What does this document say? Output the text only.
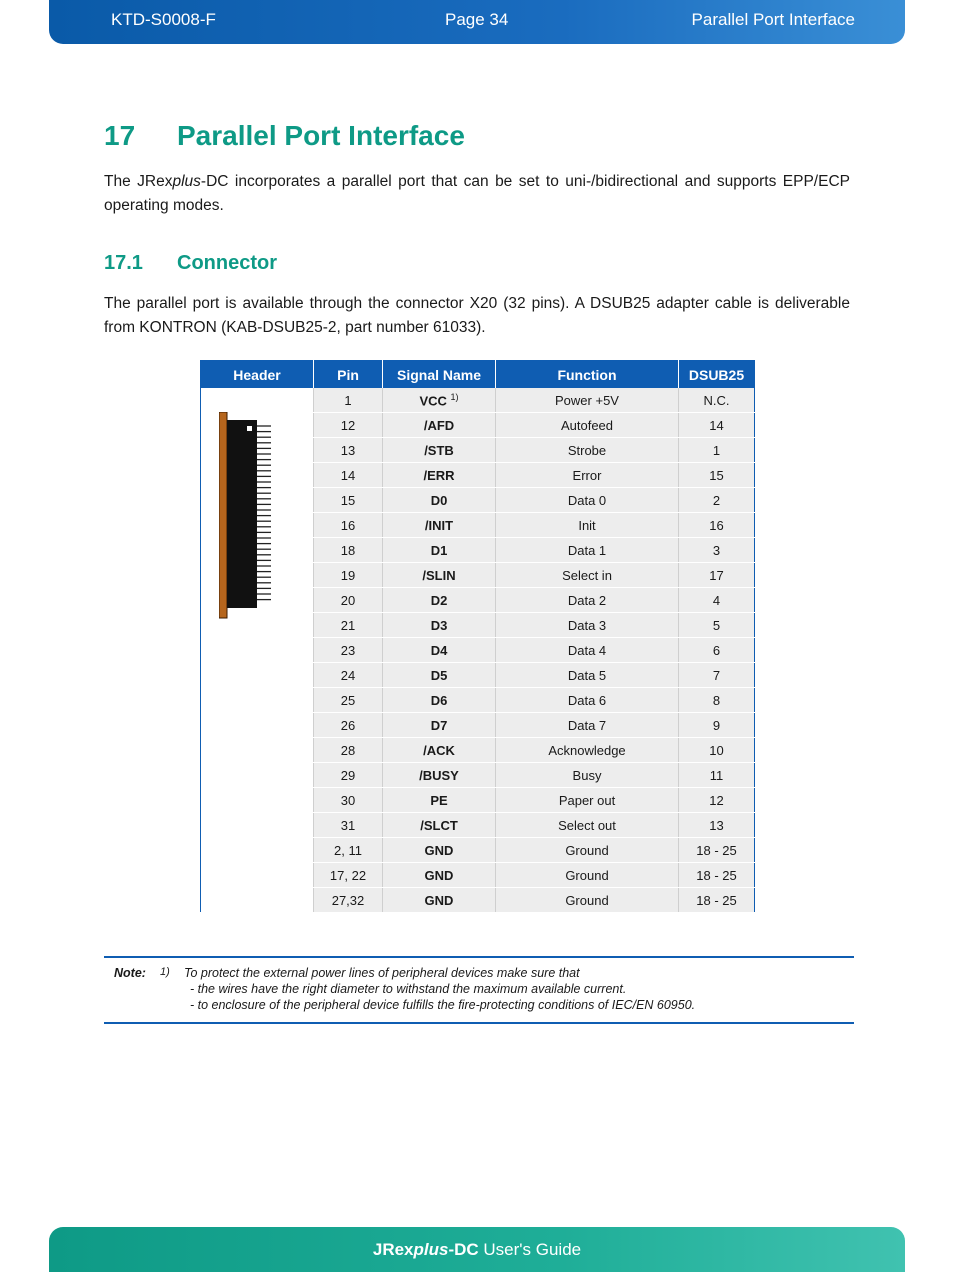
KTD-S0008-F	Page 34	Parallel Port Interface
17 Parallel Port Interface

The JRexplus-DC incorporates a parallel port that can be set to uni-/bidirectional and supports EPP/ECP operating modes.

17.1 Connector

The parallel port is available through the connector X20 (32 pins). A DSUB25 adapter cable is deliverable from KONTRON (KAB-DSUB25-2, part number 61033).

Header	Pin	Signal Name	Function	DSUB25

	1	VCC $^{1)}$	Power +5V	N.C.
	12	/AFD	Autofeed	14
	13	/STB	Strobe	1
	14	/ERR	Error	15
	15	D0	Data 0	2
	16	/INIT	Init	16
	18	D1	Data 1	3
	19	/SLIN	Select in	17
	20	D2	Data 2	4
	21	D3	Data 3	5
	23	D4	Data 4	6
	24	D5	Data 5	7
	25	D6	Data 6	8
	26	D7	Data 7	9
	28	/ACK	Acknowledge	10
	29	/BUSY	Busy	11
	30	PE	Paper out	12
	31	/SLCT	Select out	13
	2, 11	GND	Ground	18 - 25
	17, 22	GND	Ground	18 - 25
	27,32	GND	Ground	18 - 25
Note: 1) To protect the external power lines of peripheral devices make sure that
- the wires have the right diameter to withstand the maximum available current.
- to enclosure of the peripheral device fulfills the fire-protecting conditions of IEC/EN 60950.
JRexplus-DC User's Guide
